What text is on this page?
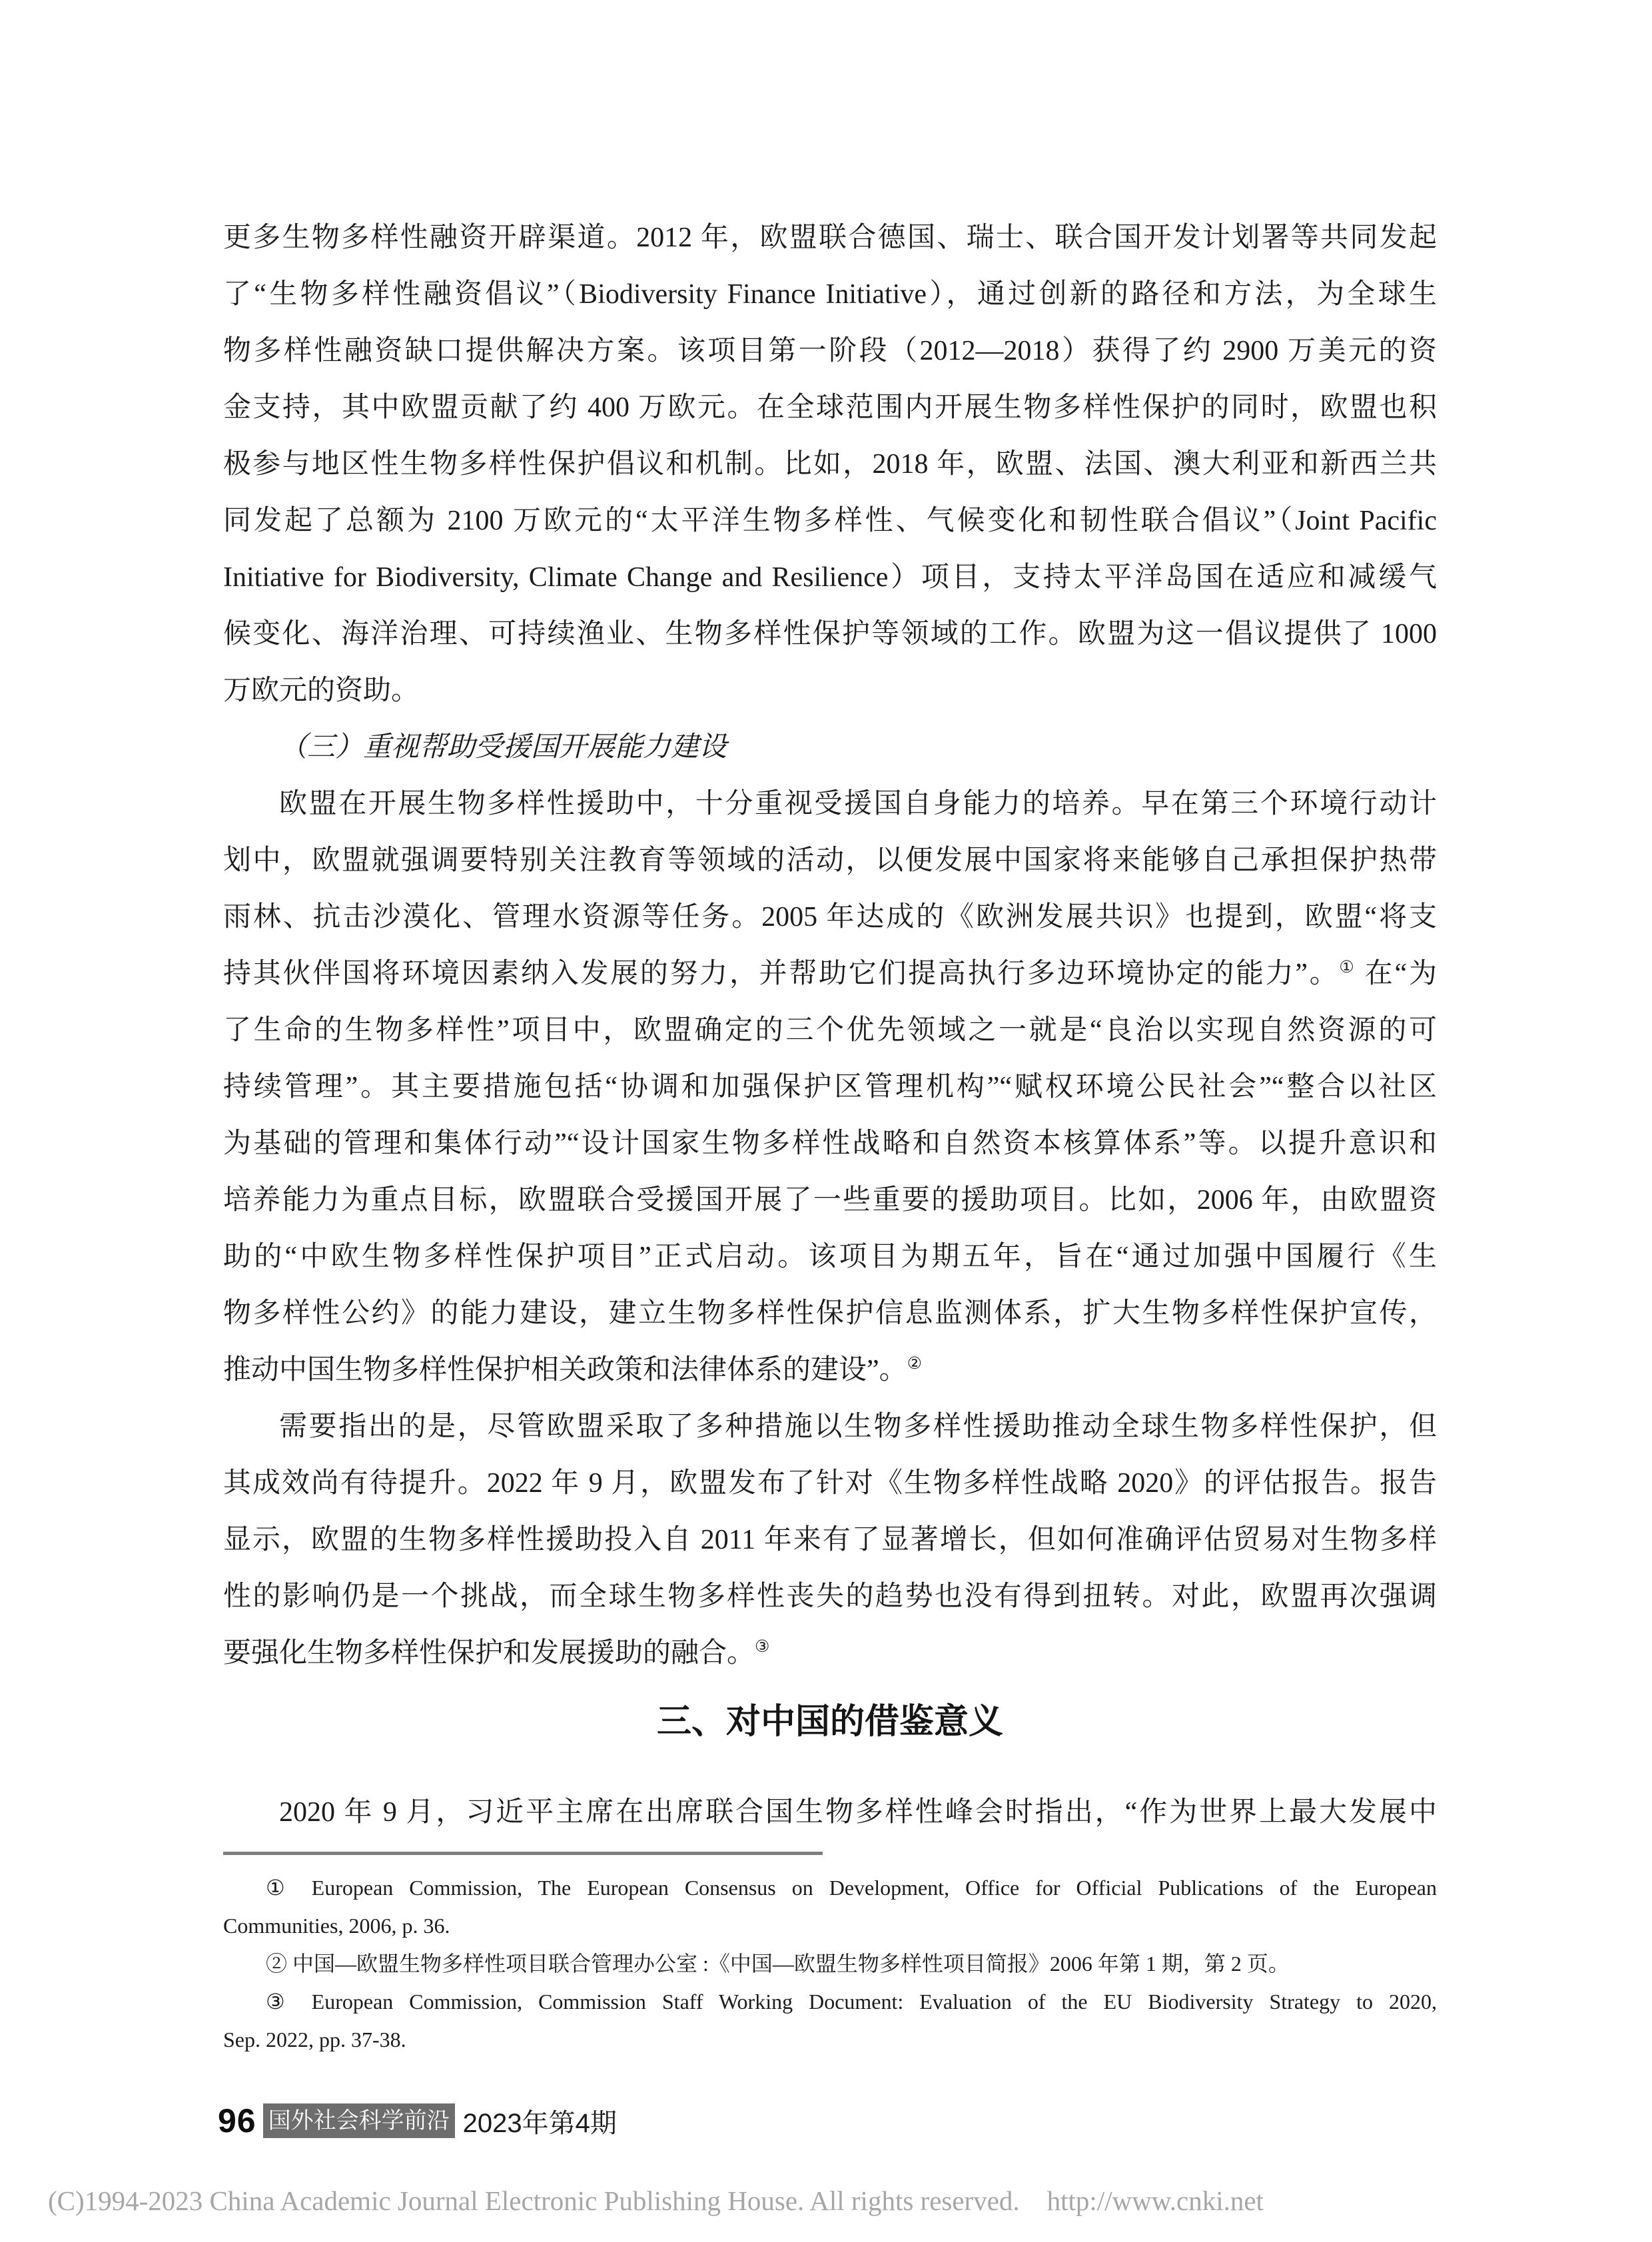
更多生物多样性融资开辟渠道。2012 年，欧盟联合德国、瑞士、联合国开发计划署等共同发起
了“生物多样性融资倡议”（Biodiversity Finance Initiative），通过创新的路径和方法，为全球生
物多样性融资缺口提供解决方案。该项目第一阶段（2012—2018）获得了约 2900 万美元的资
金支持，其中欧盟贡献了约 400 万欧元。在全球范围内开展生物多样性保护的同时，欧盟也积
极参与地区性生物多样性保护倡议和机制。比如，2018 年，欧盟、法国、澳大利亚和新西兰共
同发起了总额为 2100 万欧元的“太平洋生物多样性、气候变化和韧性联合倡议”（Joint Pacific
Initiative for Biodiversity, Climate Change and Resilience）项目，支持太平洋岛国在适应和减缓气
候变化、海洋治理、可持续渔业、生物多样性保护等领域的工作。欧盟为这一倡议提供了 1000
万欧元的资助。
（三）重视帮助受援国开展能力建设
欧盟在开展生物多样性援助中，十分重视受援国自身能力的培养。早在第三个环境行动计
划中，欧盟就强调要特别关注教育等领域的活动，以便发展中国家将来能够自己承担保护热带
雨林、抗击沙漠化、管理水资源等任务。2005 年达成的《欧洲发展共识》也提到，欧盟“将支
持其伙伴国将环境因素纳入发展的努力，并帮助它们提高执行多边环境协定的能力”。① 在“为
了生命的生物多样性”项目中，欧盟确定的三个优先领域之一就是“良治以实现自然资源的可
持续管理”。其主要措施包括“协调和加强保护区管理机构”“赋权环境公民社会”“整合以社区
为基础的管理和集体行动”“设计国家生物多样性战略和自然资本核算体系”等。以提升意识和
培养能力为重点目标，欧盟联合受援国开展了一些重要的援助项目。比如，2006 年，由欧盟资
助的“中欧生物多样性保护项目”正式启动。该项目为期五年，旨在“通过加强中国履行《生
物多样性公约》的能力建设，建立生物多样性保护信息监测体系，扩大生物多样性保护宣传，
推动中国生物多样性保护相关政策和法律体系的建设”。②
需要指出的是，尽管欧盟采取了多种措施以生物多样性援助推动全球生物多样性保护，但
其成效尚有待提升。2022 年 9 月，欧盟发布了针对《生物多样性战略 2020》的评估报告。报告
显示，欧盟的生物多样性援助投入自 2011 年来有了显著增长，但如何准确评估贸易对生物多样
性的影响仍是一个挑战，而全球生物多样性丧失的趋势也没有得到扭转。对此，欧盟再次强调
要强化生物多样性保护和发展援助的融合。③
三、对中国的借鉴意义
2020 年 9 月，习近平主席在出席联合国生物多样性峰会时指出，“作为世界上最大发展中
① European Commission, The European Consensus on Development, Office for Official Publications of the European
Communities, 2006, p. 36.
② 中国—欧盟生物多样性项目联合管理办公室 :《中国—欧盟生物多样性项目简报》2006 年第 1 期，第 2 页。
③ European Commission, Commission Staff Working Document: Evaluation of the EU Biodiversity Strategy to 2020,
Sep. 2022, pp. 37-38.
96 国外社会科学前沿 2023年第4期
(C)1994-2023 China Academic Journal Electronic Publishing House. All rights reserved.    http://www.cnki.net
